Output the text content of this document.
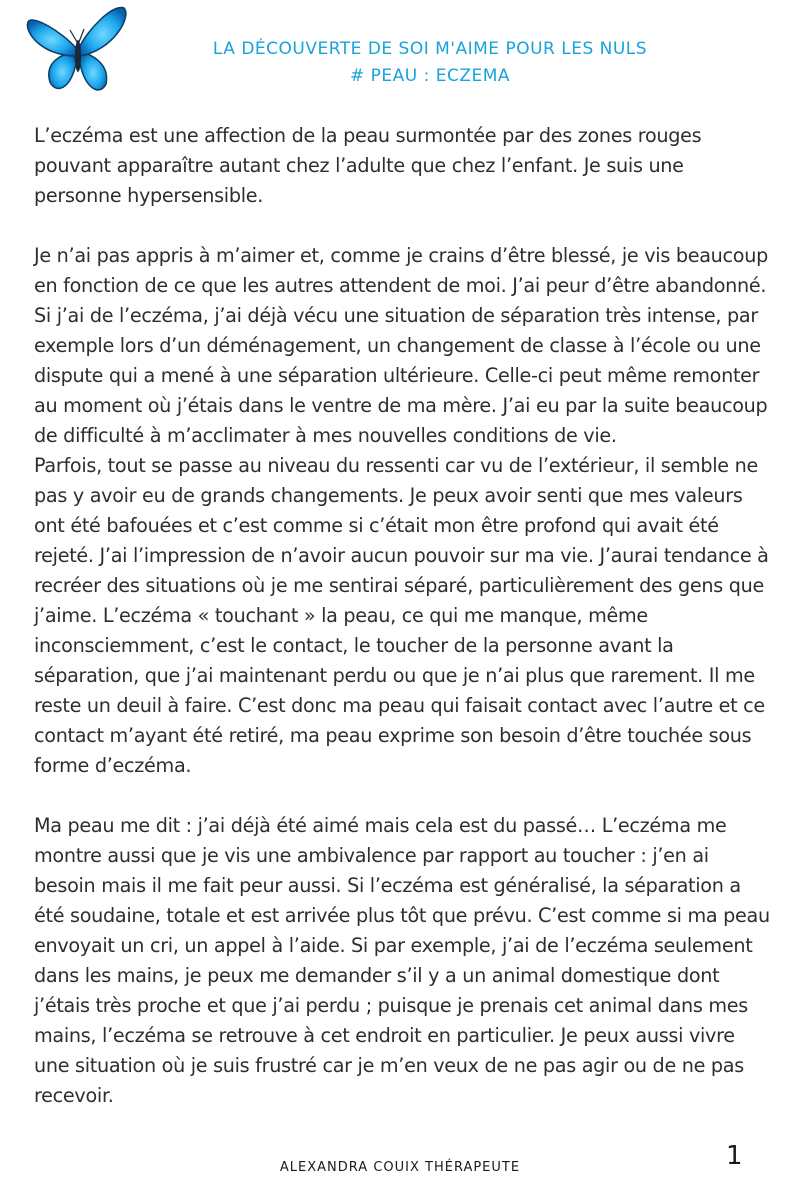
LA DÉCOUVERTE DE SOI M'AIME POUR LES NULS
# PEAU : ECZEMA

L’eczéma est une affection de la peau surmontée par des zones rouges pouvant apparaître autant chez l’adulte que chez l’enfant. Je suis une personne hypersensible.

Je n’ai pas appris à m’aimer et, comme je crains d’être blessé, je vis beaucoup en fonction de ce que les autres attendent de moi. J’ai peur d’être abandonné. Si j’ai de l’eczéma, j’ai déjà vécu une situation de séparation très intense, par exemple lors d’un déménagement, un changement de classe à l’école ou une dispute qui a mené à une séparation ultérieure. Celle-ci peut même remonter au moment où j’étais dans le ventre de ma mère. J’ai eu par la suite beaucoup de difficulté à m’acclimater à mes nouvelles conditions de vie.

Parfois, tout se passe au niveau du ressenti car vu de l’extérieur, il semble ne pas y avoir eu de grands changements. Je peux avoir senti que mes valeurs ont été bafouées et c’est comme si c’était mon être profond qui avait été rejeté. J’ai l’impression de n’avoir aucun pouvoir sur ma vie. J’aurai tendance à recréer des situations où je me sentirai séparé, particulièrement des gens que j’aime. L’eczéma « touchant » la peau, ce qui me manque, même inconsciemment, c’est le contact, le toucher de la personne avant la séparation, que j’ai maintenant perdu ou que je n’ai plus que rarement. Il me reste un deuil à faire. C’est donc ma peau qui faisait contact avec l’autre et ce contact m’ayant été retiré, ma peau exprime son besoin d’être touchée sous forme d’eczéma.

Ma peau me dit : j’ai déjà été aimé mais cela est du passé… L’eczéma me montre aussi que je vis une ambivalence par rapport au toucher : j’en ai besoin mais il me fait peur aussi. Si l’eczéma est généralisé, la séparation a été soudaine, totale et est arrivée plus tôt que prévu. C’est comme si ma peau envoyait un cri, un appel à l’aide. Si par exemple, j’ai de l’eczéma seulement dans les mains, je peux me demander s’il y a un animal domestique dont j’étais très proche et que j’ai perdu ; puisque je prenais cet animal dans mes mains, l’eczéma se retrouve à cet endroit en particulier. Je peux aussi vivre une situation où je suis frustré car je m’en veux de ne pas agir ou de ne pas recevoir.

1
ALEXANDRA COUIX THÉRAPEUTE
